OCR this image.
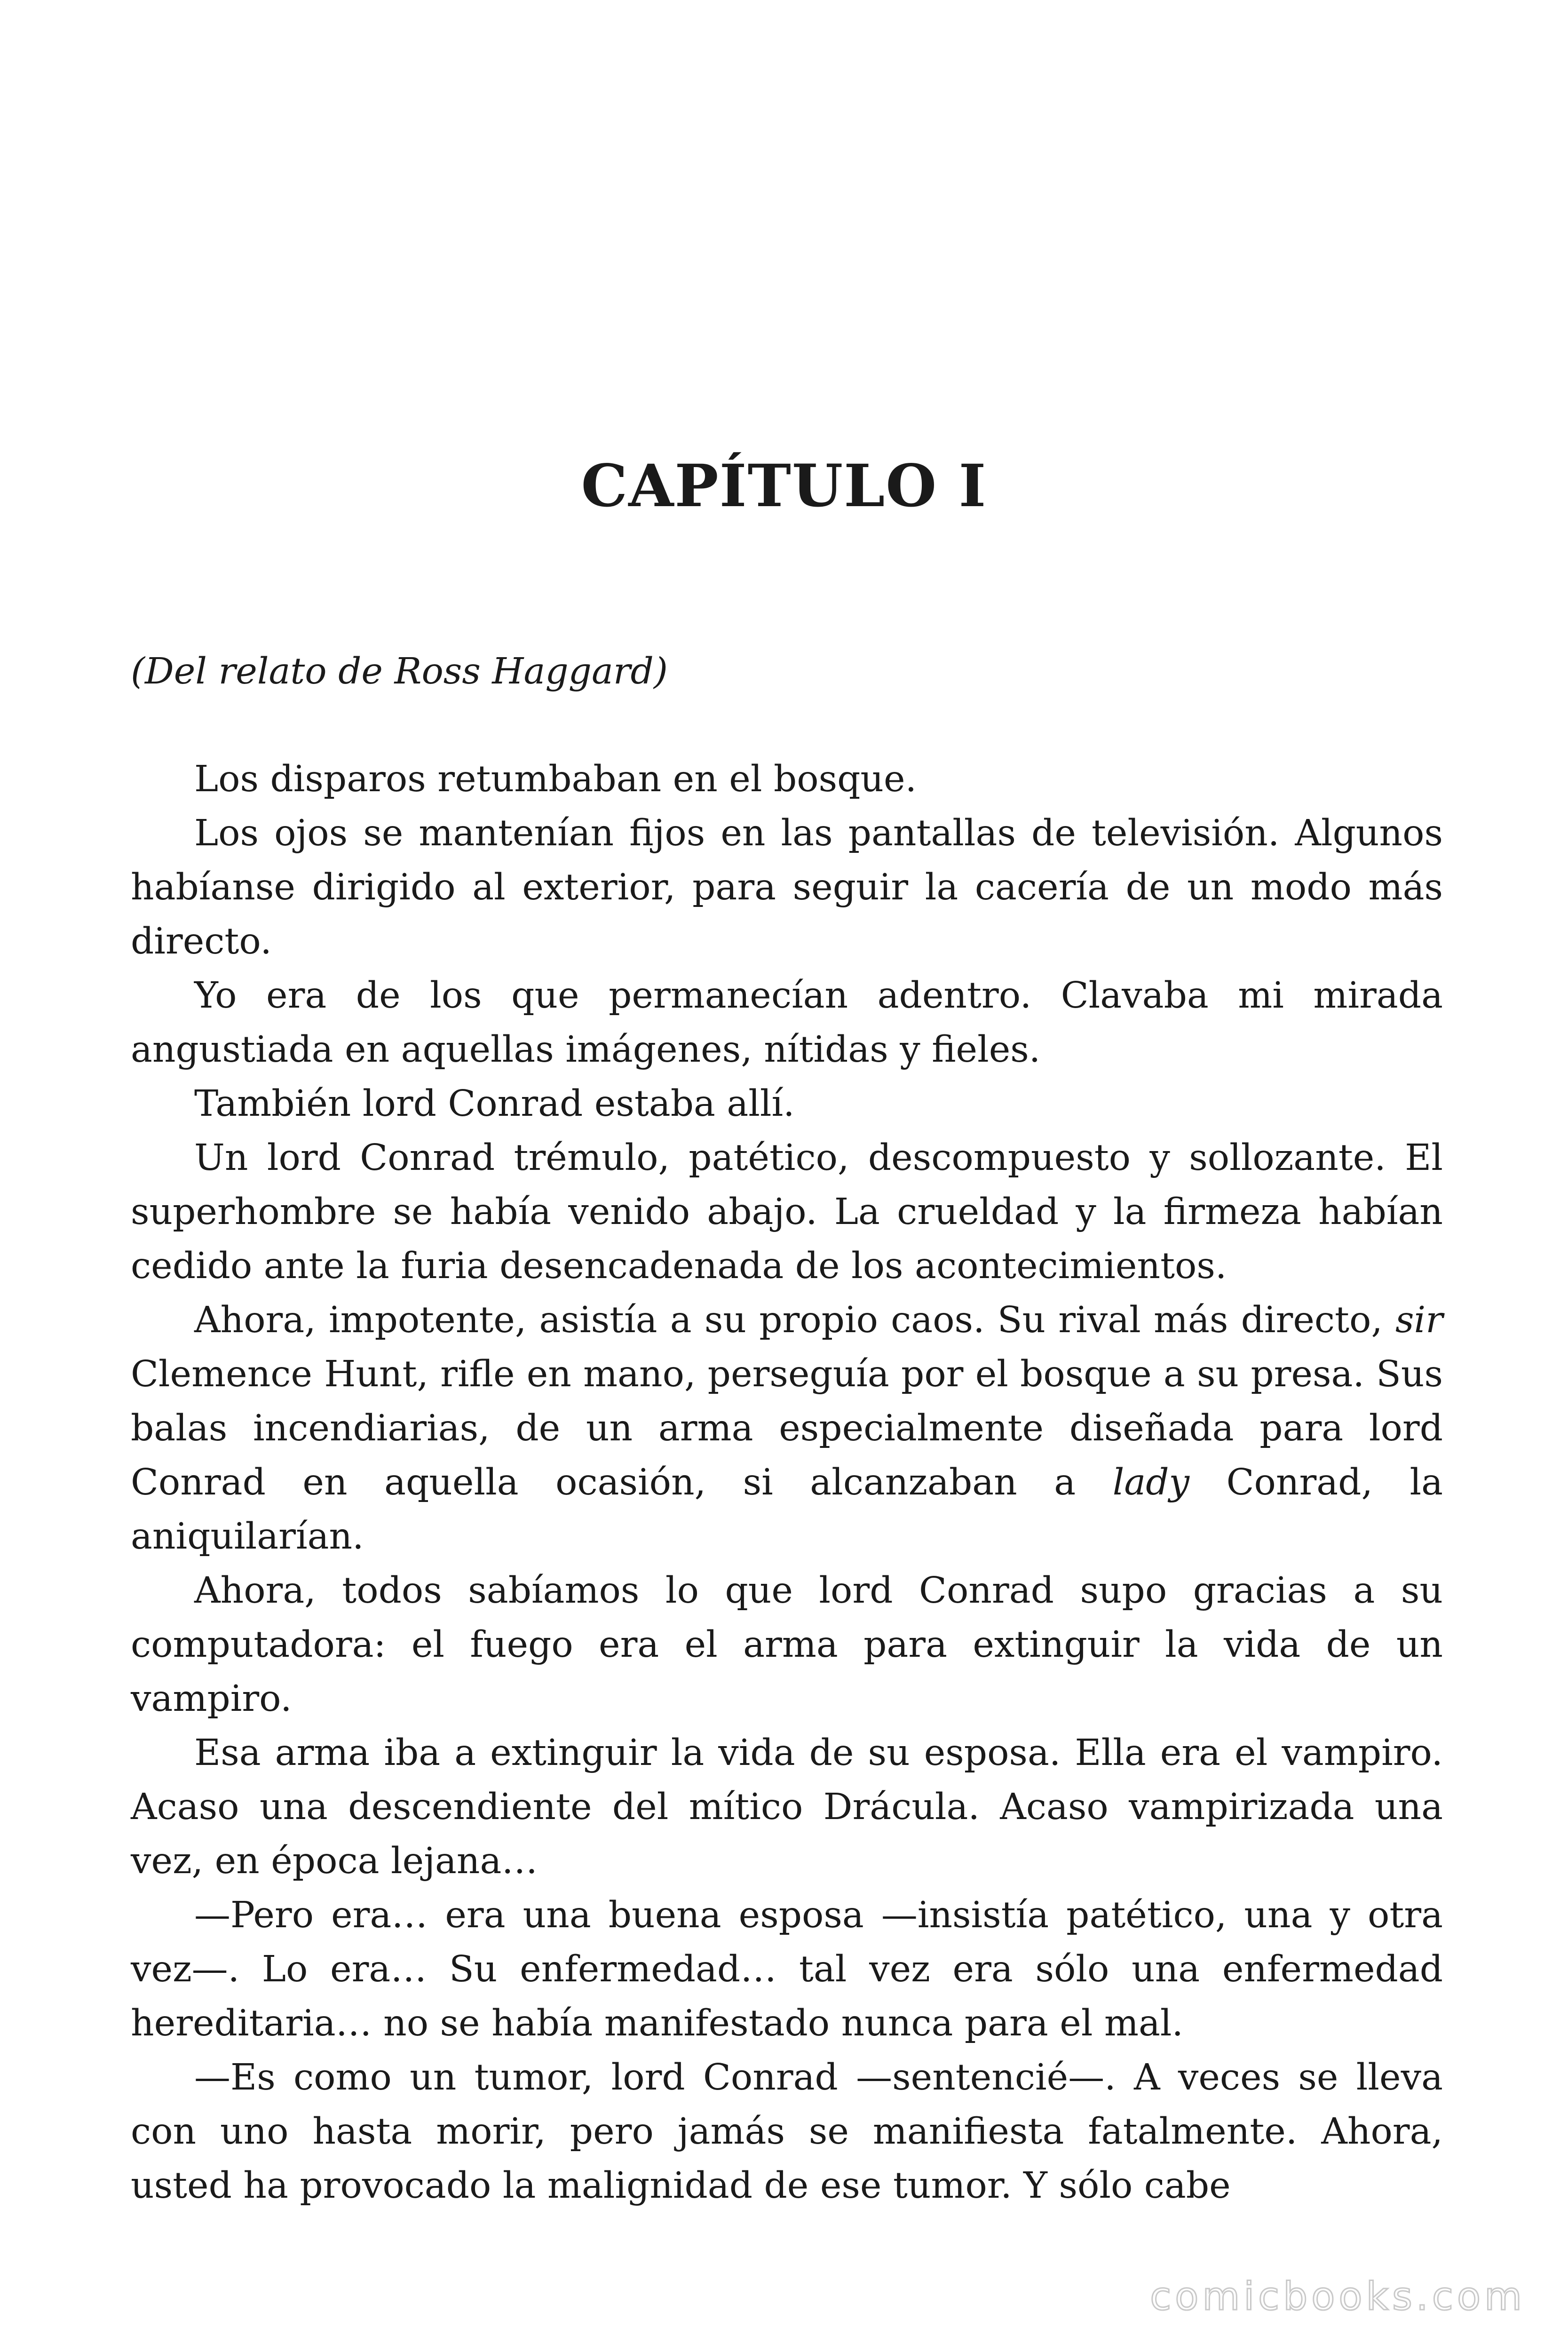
CAPÍTULO I

(Del relato de Ross Haggard)

Los disparos retumbaban en el bosque.

Los ojos se mantenían fijos en las pantallas de televisión. Algunos habíanse dirigido al exterior, para seguir la cacería de un modo más directo.

Yo era de los que permanecían adentro. Clavaba mi mirada angustiada en aquellas imágenes, nítidas y fieles.

También lord Conrad estaba allí.

Un lord Conrad trémulo, patético, descompuesto y sollozante. El superhombre se había venido abajo. La crueldad y la firmeza habían cedido ante la furia desencadenada de los acontecimientos.

Ahora, impotente, asistía a su propio caos. Su rival más directo, sir Clemence Hunt, rifle en mano, perseguía por el bosque a su presa. Sus balas incendiarias, de un arma especialmente diseñada para lord Conrad en aquella ocasión, si alcanzaban a lady Conrad, la aniquilarían.

Ahora, todos sabíamos lo que lord Conrad supo gracias a su computadora: el fuego era el arma para extinguir la vida de un vampiro.

Esa arma iba a extinguir la vida de su esposa. Ella era el vampiro. Acaso una descendiente del mítico Drácula. Acaso vampirizada una vez, en época lejana…

—Pero era… era una buena esposa —insistía patético, una y otra vez—. Lo era… Su enfermedad… tal vez era sólo una enfermedad hereditaria… no se había manifestado nunca para el mal.

—Es como un tumor, lord Conrad —sentencié—. A veces se lleva con uno hasta morir, pero jamás se manifiesta fatalmente. Ahora, usted ha provocado la malignidad de ese tumor. Y sólo cabe

comicbooks.com
